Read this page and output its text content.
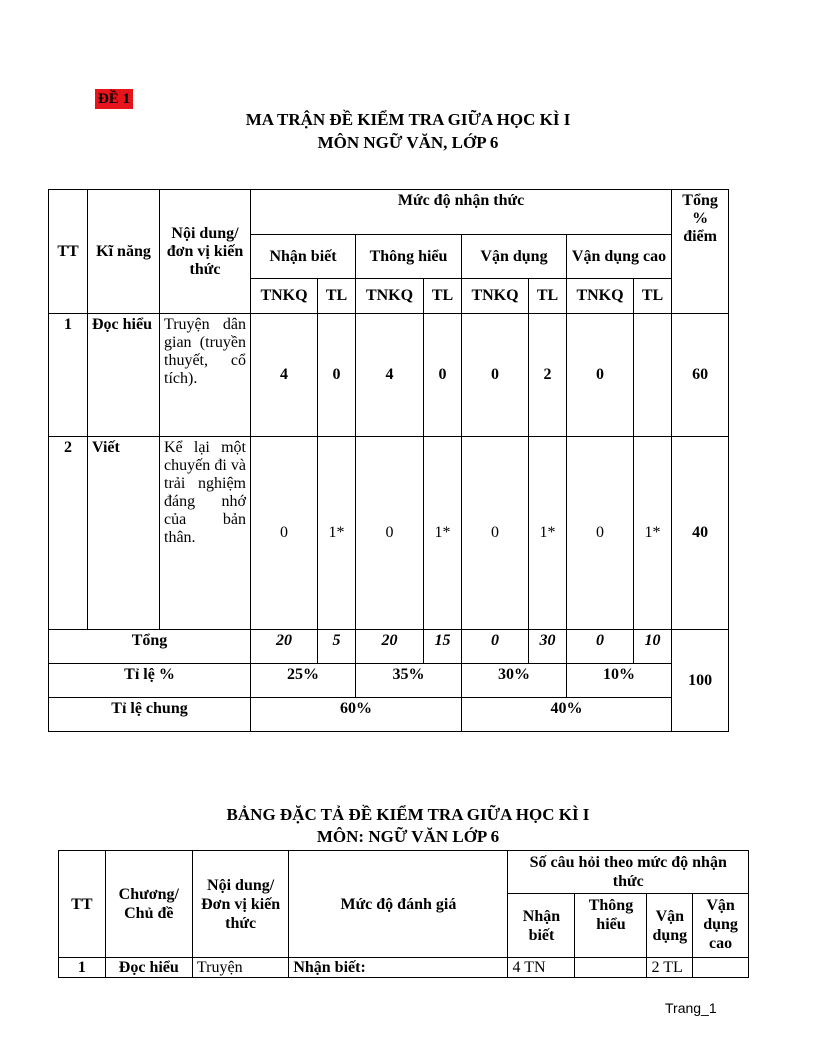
ĐỀ 1
MA TRẬN ĐỀ KIỂM TRA GIỮA HỌC KÌ I
MÔN NGỮ VĂN, LỚP 6
TT	Kĩ năng	Nội dung/đơn vị kiến thức	Mức độ nhận thức								Tổng % điểm
			Nhận biết		Thông hiểu		Vận dụng		Vận dụng cao		
			TNKQ	TL	TNKQ	TL	TNKQ	TL	TNKQ	TL	
1	Đọc hiểu	Truyện dân gian (truyền thuyết, cổ tích).	4	0	4	0	0	2	0		60
2	Viết	Kể lại một chuyến đi và trải nghiệm đáng nhớ của bản thân.	0	1*	0	1*	0	1*	0	1*	40
Tổng			20	5	20	15	0	30	0	10	100
Tỉ lệ %			25%		35%		30%		10%		
Tỉ lệ chung			60%				40%				
BẢNG ĐẶC TẢ ĐỀ KIỂM TRA GIỮA HỌC KÌ I
MÔN: NGỮ VĂN LỚP 6
TT	Chương/ Chủ đề	Nội dung/Đơn vị kiến thức	Mức độ đánh giá	Số câu hỏi theo mức độ nhận thức			
				Nhận biết	Thông hiểu	Vận dụng	Vận dụng cao
1	Đọc hiểu	Truyện	Nhận biết:	4 TN		2 TL	
Trang_1
